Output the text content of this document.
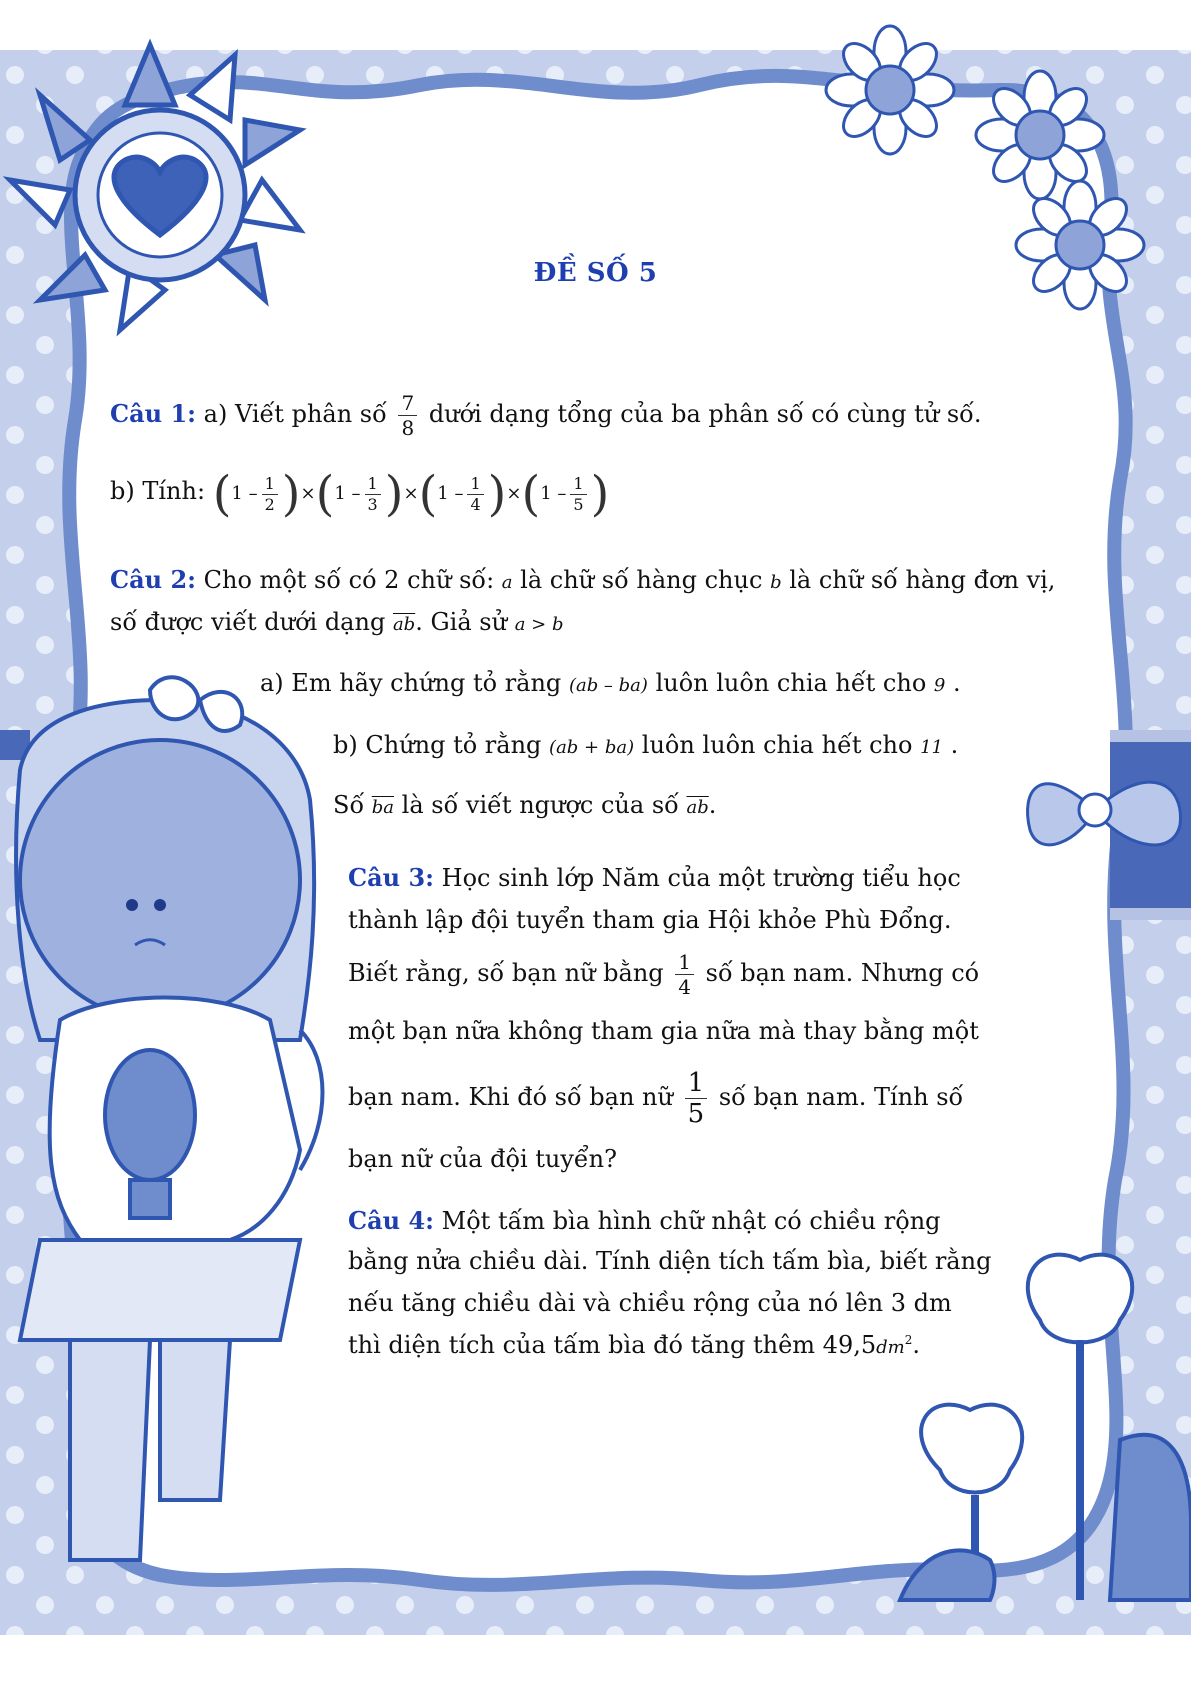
ĐỀ SỐ 5
Câu 1: a) Viết phân số $\frac{7}{8}$ dưới dạng tổng của ba phân số có cùng tử số.
b) Tính: $(1 - \frac{1}{2} )\times(1 - \frac{1}{3} )\times(1 - \frac{1}{4} )\times(1 - \frac{1}{5}$ )
Câu 2: Cho một số có 2 chữ số: a là chữ số hàng chục b là chữ số hàng đơn vị,
số được viết dưới dạng $\overline{ab}$. Giả sử a > b
a) Em hãy chứng tỏ rằng (ab – ba) luôn luôn chia hết cho 9 .
b) Chứng tỏ rằng (ab + ba) luôn luôn chia hết cho 11 .
Số $\overline{ba}$ là số viết ngược của số $\overline{ab}$.
Câu 3: Học sinh lớp Năm của một trường tiểu học
thành lập đội tuyển tham gia Hội khỏe Phù Đổng.
Biết rằng, số bạn nữ bằng $\frac{1}{4}$ số bạn nam. Nhưng có
một bạn nữa không tham gia nữa mà thay bằng một
bạn nam. Khi đó số bạn nữ $\frac{1}{5}$ số bạn nam. Tính số
bạn nữ của đội tuyển?
Câu 4: Một tấm bìa hình chữ nhật có chiều rộng
bằng nửa chiều dài. Tính diện tích tấm bìa, biết rằng
nếu tăng chiều dài và chiều rộng của nó lên 3 dm
thì diện tích của tấm bìa đó tăng thêm $49,5dm^2$.
